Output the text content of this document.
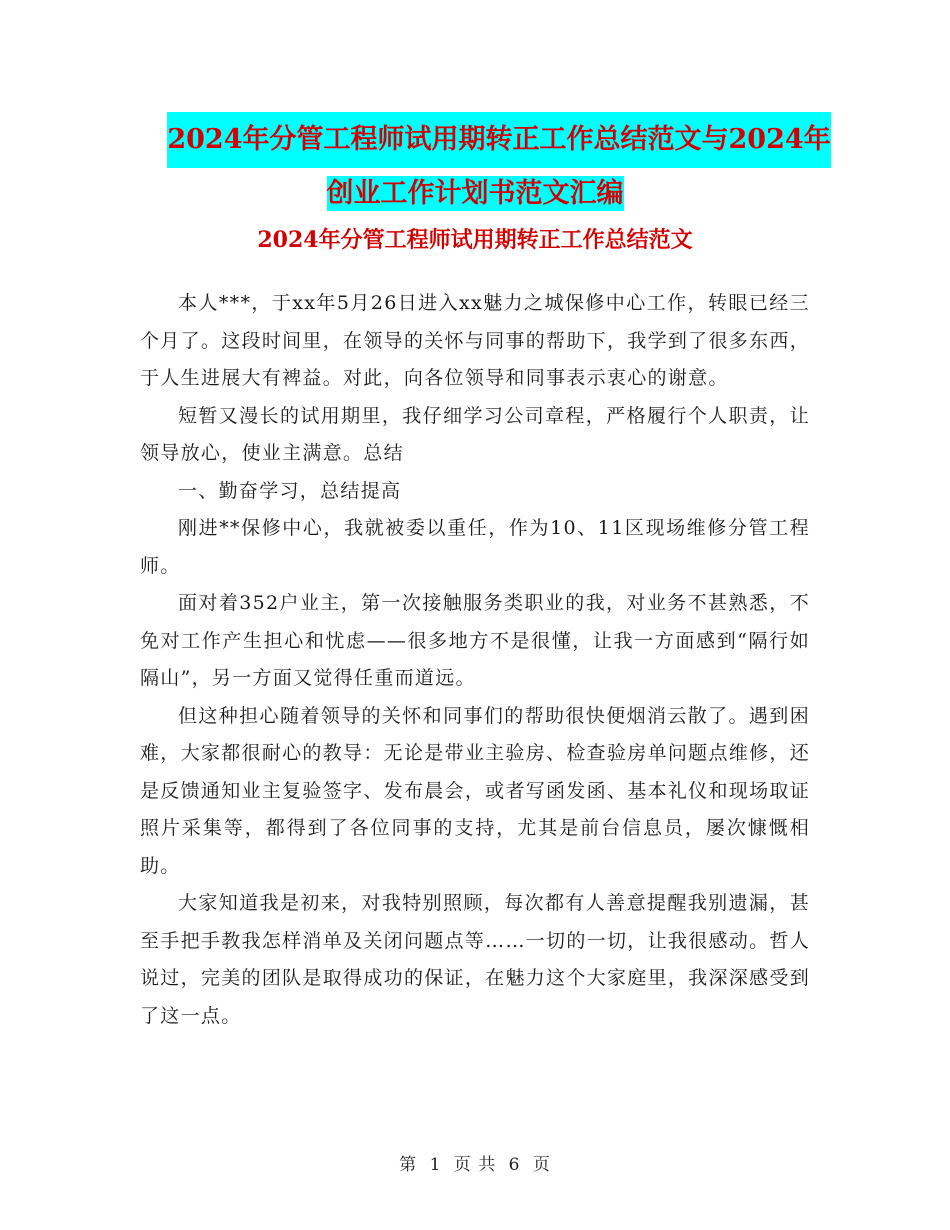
2024年分管工程师试用期转正工作总结范文与2024年
创业工作计划书范文汇编
2024年分管工程师试用期转正工作总结范文

本人***，于xx年5月26日进入xx魅力之城保修中心工作，转眼已经三个月了。这段时间里，在领导的关怀与同事的帮助下，我学到了很多东西，于人生进展大有裨益。对此，向各位领导和同事表示衷心的谢意。

短暂又漫长的试用期里，我仔细学习公司章程，严格履行个人职责，让领导放心，使业主满意。总结

一、勤奋学习，总结提高

刚进**保修中心，我就被委以重任，作为10、11区现场维修分管工程师。

面对着352户业主，第一次接触服务类职业的我，对业务不甚熟悉，不免对工作产生担心和忧虑——很多地方不是很懂，让我一方面感到“隔行如隔山”，另一方面又觉得任重而道远。

但这种担心随着领导的关怀和同事们的帮助很快便烟消云散了。遇到困难，大家都很耐心的教导：无论是带业主验房、检查验房单问题点维修，还是反馈通知业主复验签字、发布晨会，或者写函发函、基本礼仪和现场取证照片采集等，都得到了各位同事的支持，尤其是前台信息员，屡次慷慨相助。

大家知道我是初来，对我特别照顾，每次都有人善意提醒我别遗漏，甚至手把手教我怎样消单及关闭问题点等……一切的一切，让我很感动。哲人说过，完美的团队是取得成功的保证，在魅力这个大家庭里，我深深感受到了这一点。

第 1 页 共 6 页
